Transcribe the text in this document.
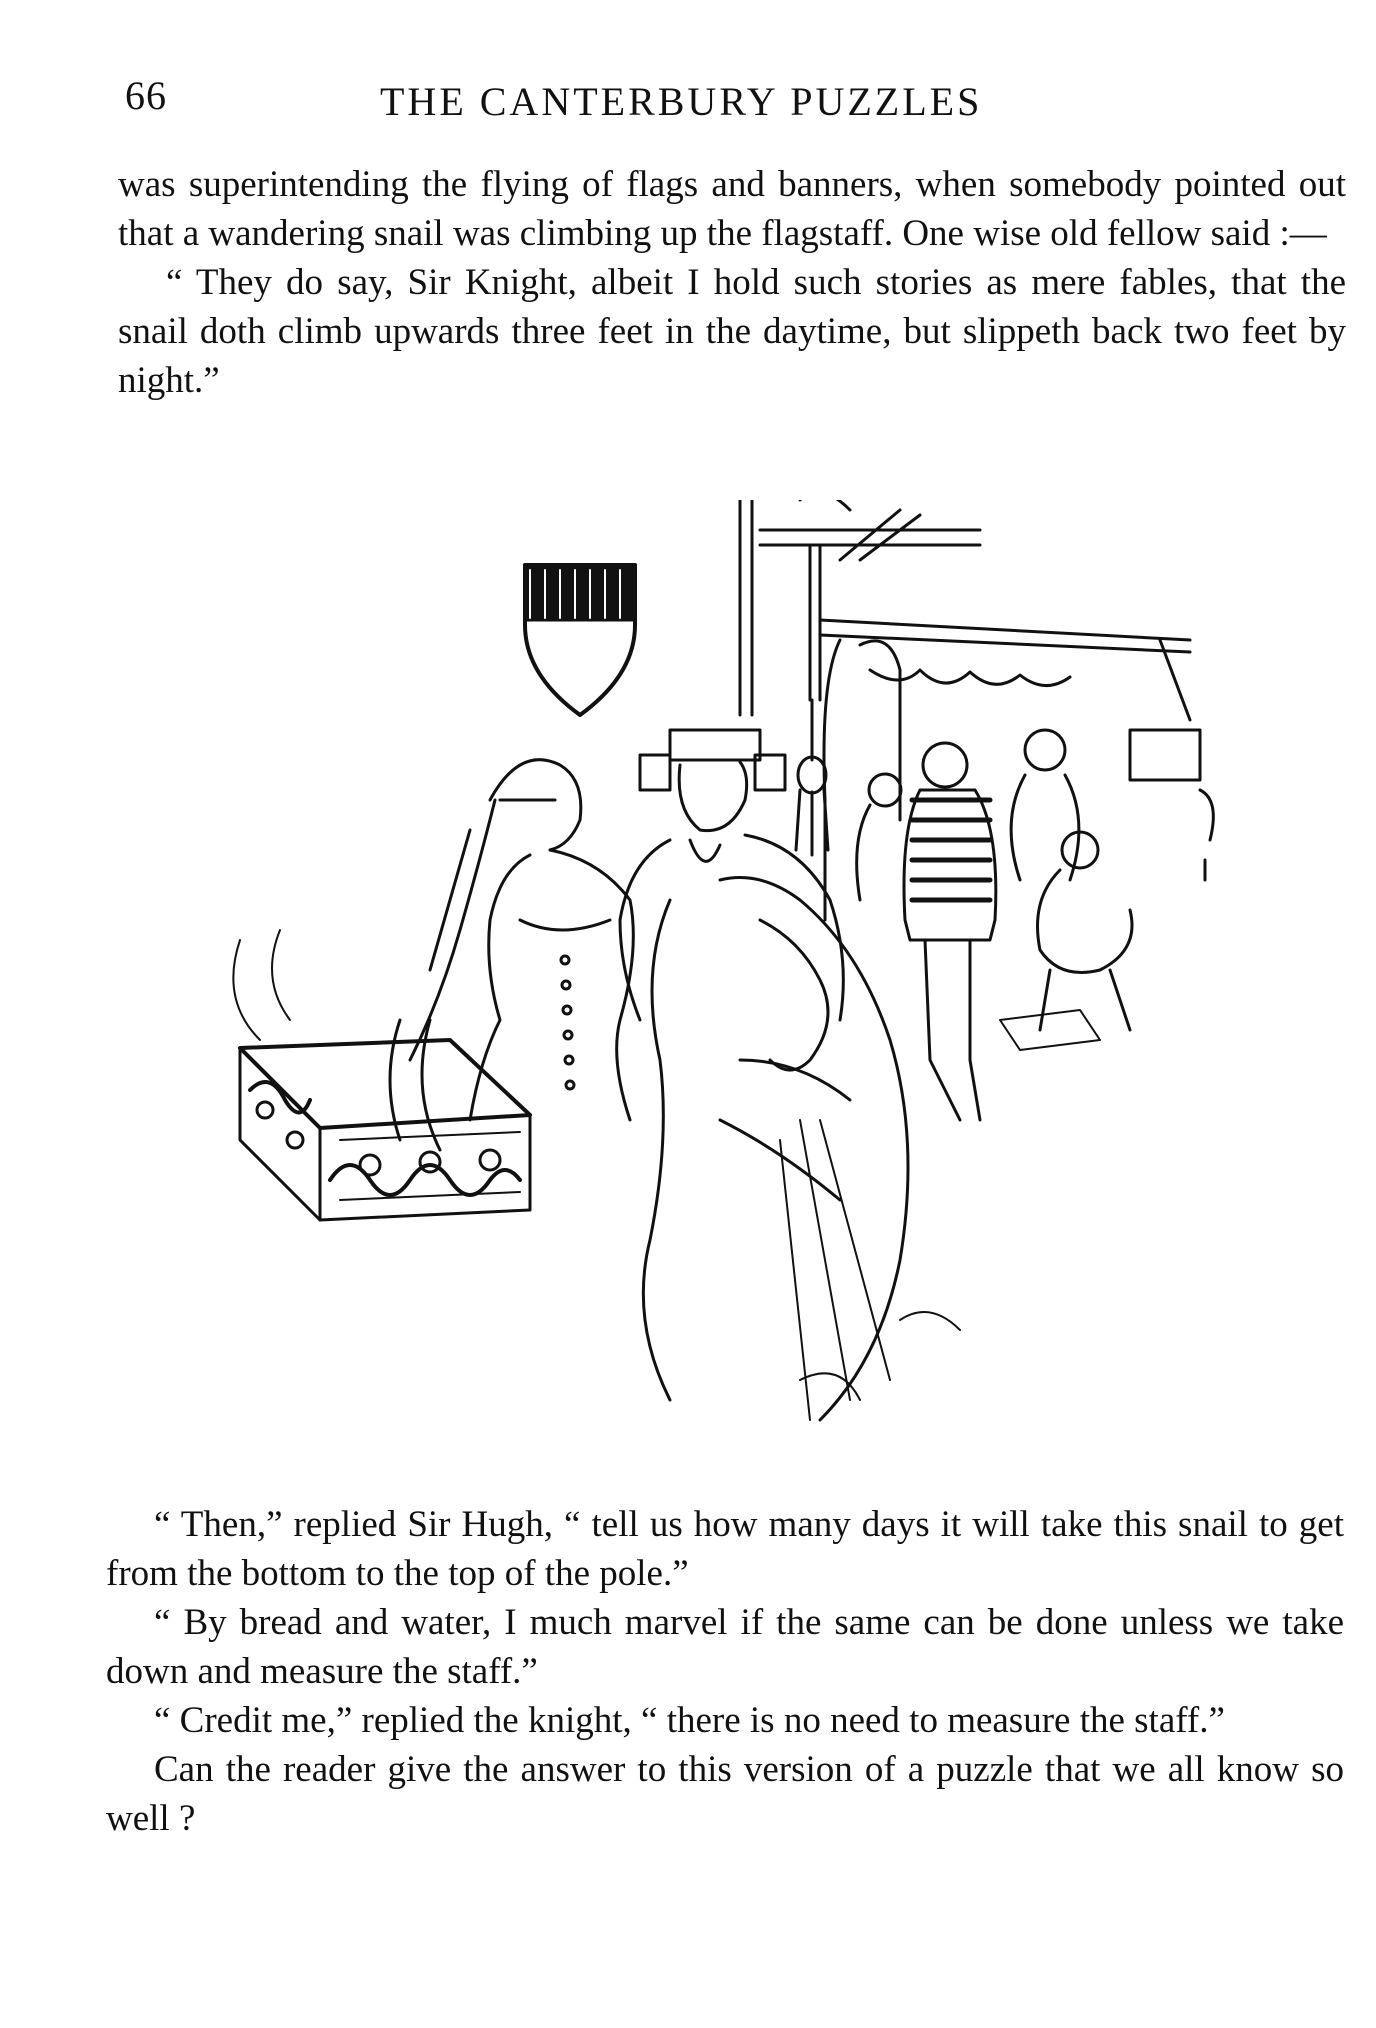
66	THE CANTERBURY PUZZLES

was superintending the flying of flags and banners, when somebody pointed out that a wandering snail was climbing up the flagstaff. One wise old fellow said :—

“ They do say, Sir Knight, albeit I hold such stories as mere fables, that the snail doth climb upwards three feet in the daytime, but slippeth back two feet by night.”

“ Then,” replied Sir Hugh, “ tell us how many days it will take this snail to get from the bottom to the top of the pole.”

“ By bread and water, I much marvel if the same can be done unless we take down and measure the staff.”

“ Credit me,” replied the knight, “ there is no need to measure the staff.”

Can the reader give the answer to this version of a puzzle that we all know so well ?
